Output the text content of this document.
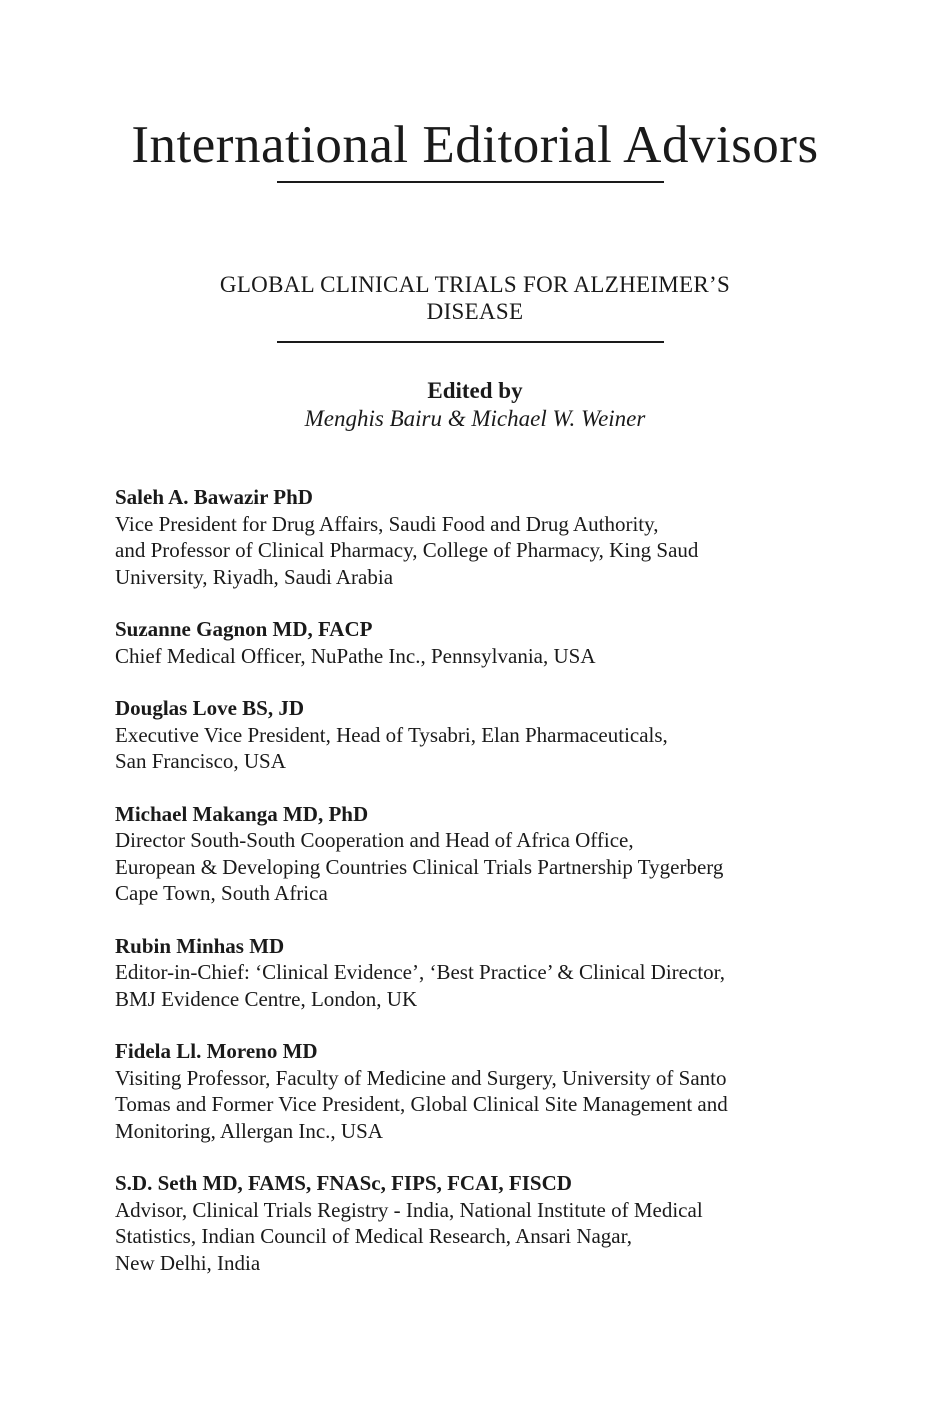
International Editorial Advisors
GLOBAL CLINICAL TRIALS FOR ALZHEIMER’S
DISEASE
Edited by
Menghis Bairu & Michael W. Weiner
Saleh A. Bawazir PhD
Vice President for Drug Affairs, Saudi Food and Drug Authority,
and Professor of Clinical Pharmacy, College of Pharmacy, King Saud
University, Riyadh, Saudi Arabia
Suzanne Gagnon MD, FACP
Chief Medical Officer, NuPathe Inc., Pennsylvania, USA
Douglas Love BS, JD
Executive Vice President, Head of Tysabri, Elan Pharmaceuticals,
San Francisco, USA
Michael Makanga MD, PhD
Director South-South Cooperation and Head of Africa Office,
European & Developing Countries Clinical Trials Partnership Tygerberg
Cape Town, South Africa
Rubin Minhas MD
Editor-in-Chief: ‘Clinical Evidence’, ‘Best Practice’ & Clinical Director,
BMJ Evidence Centre, London, UK
Fidela Ll. Moreno MD
Visiting Professor, Faculty of Medicine and Surgery, University of Santo
Tomas and Former Vice President, Global Clinical Site Management and
Monitoring, Allergan Inc., USA
S.D. Seth MD, FAMS, FNASc, FIPS, FCAI, FISCD
Advisor, Clinical Trials Registry - India, National Institute of Medical
Statistics, Indian Council of Medical Research, Ansari Nagar,
New Delhi, India
